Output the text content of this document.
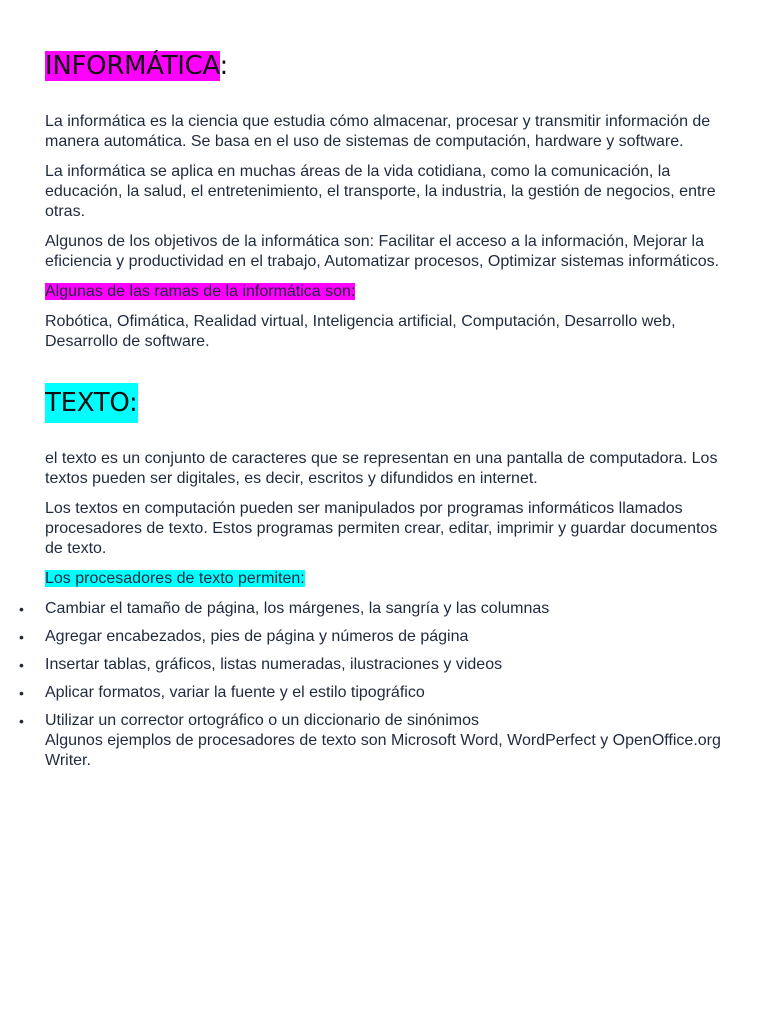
INFORMÁTICA:

La informática es la ciencia que estudia cómo almacenar, procesar y transmitir información de manera automática. Se basa en el uso de sistemas de computación, hardware y software.

La informática se aplica en muchas áreas de la vida cotidiana, como la comunicación, la educación, la salud, el entretenimiento, el transporte, la industria, la gestión de negocios, entre otras.

Algunos de los objetivos de la informática son: Facilitar el acceso a la información, Mejorar la eficiencia y productividad en el trabajo, Automatizar procesos, Optimizar sistemas informáticos.

Algunas de las ramas de la informática son:

Robótica, Ofimática, Realidad virtual, Inteligencia artificial, Computación, Desarrollo web, Desarrollo de software.

TEXTO:

el texto es un conjunto de caracteres que se representan en una pantalla de computadora. Los textos pueden ser digitales, es decir, escritos y difundidos en internet.

Los textos en computación pueden ser manipulados por programas informáticos llamados procesadores de texto. Estos programas permiten crear, editar, imprimir y guardar documentos de texto.

Los procesadores de texto permiten:

• Cambiar el tamaño de página, los márgenes, la sangría y las columnas
• Agregar encabezados, pies de página y números de página
• Insertar tablas, gráficos, listas numeradas, ilustraciones y videos
• Aplicar formatos, variar la fuente y el estilo tipográfico
• Utilizar un corrector ortográfico o un diccionario de sinónimos
Algunos ejemplos de procesadores de texto son Microsoft Word, WordPerfect y OpenOffice.org Writer.
